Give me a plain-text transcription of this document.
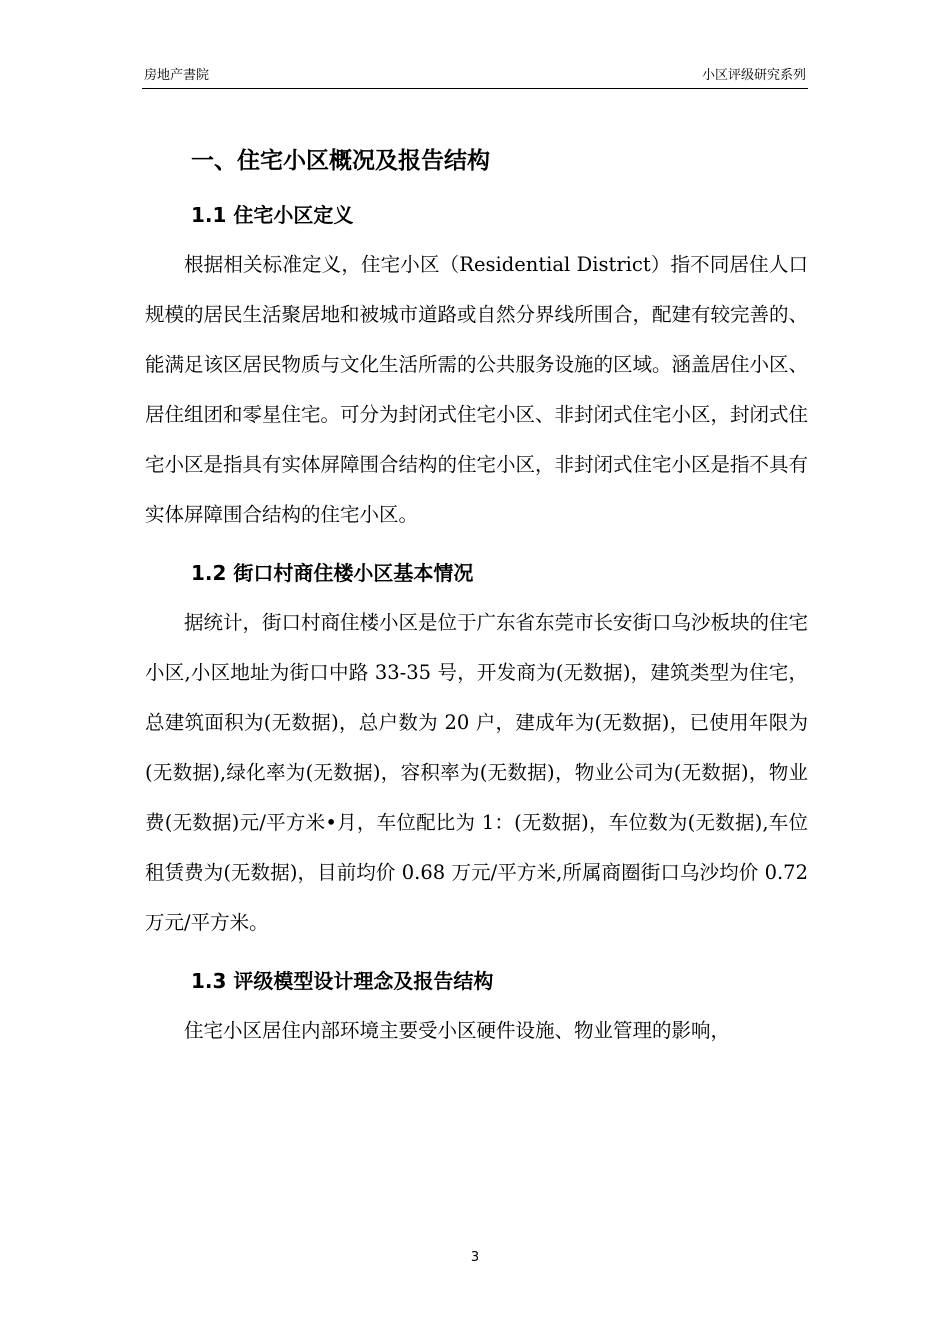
房地产書院	小区评级研究系列
一、住宅小区概况及报告结构
1.1 住宅小区定义

根据相关标准定义，住宅小区（Residential District）指不同居住人口规模的居民生活聚居地和被城市道路或自然分界线所围合，配建有较完善的、能满足该区居民物质与文化生活所需的公共服务设施的区域。涵盖居住小区、居住组团和零星住宅。可分为封闭式住宅小区、非封闭式住宅小区，封闭式住宅小区是指具有实体屏障围合结构的住宅小区，非封闭式住宅小区是指不具有实体屏障围合结构的住宅小区。

1.2 街口村商住楼小区基本情况

据统计，街口村商住楼小区是位于广东省东莞市长安街口乌沙板块的住宅小区,小区地址为街口中路 33-35 号，开发商为(无数据)，建筑类型为住宅，总建筑面积为(无数据)，总户数为 20 户，建成年为(无数据)，已使用年限为(无数据),绿化率为(无数据)，容积率为(无数据)，物业公司为(无数据)，物业费(无数据)元/平方米•月，车位配比为 1：(无数据)，车位数为(无数据),车位租赁费为(无数据)，目前均价 0.68 万元/平方米,所属商圈街口乌沙均价 0.72 万元/平方米。

1.3 评级模型设计理念及报告结构

住宅小区居住内部环境主要受小区硬件设施、物业管理的影响，

3
